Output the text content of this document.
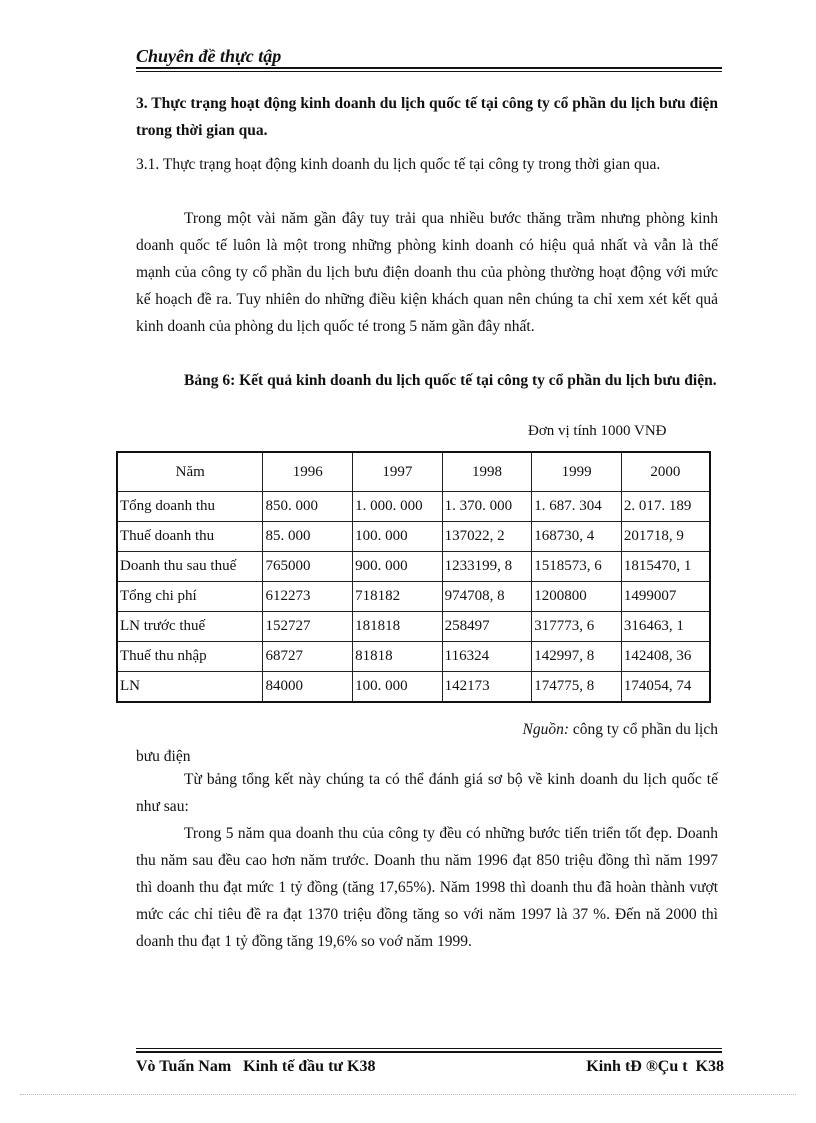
Chuyên đề thực tập
3. Thực trạng hoạt động kinh doanh du lịch quốc tế tại công ty cổ phần du lịch bưu điện trong thời gian qua.
3.1. Thực trạng hoạt động kinh doanh du lịch quốc tế tại công ty trong thời gian qua.
Trong một vài năm gần đây tuy trải qua nhiều bước thăng trầm nhưng phòng kinh doanh quốc tế luôn là một trong những phòng kinh doanh có hiệu quả nhất và vẫn là thế mạnh của công ty cổ phần du lịch bưu điện doanh thu của phòng thường hoạt động với mức kế hoạch đề ra. Tuy nhiên do những điều kiện khách quan nên chúng ta chỉ xem xét kết quả kinh doanh của phòng du lịch quốc té trong 5 năm gần đây nhất.
Bảng 6: Kết quả kinh doanh du lịch quốc tế tại công ty cổ phần du lịch bưu điện.
Đơn vị tính 1000 VNĐ
Năm	1996	1997	1998	1999	2000
Tổng doanh thu	850. 000	1. 000. 000	1. 370. 000	1. 687. 304	2. 017. 189
Thuế doanh thu	85. 000	100. 000	137022, 2	168730, 4	201718, 9
Doanh thu sau thuế	765000	900. 000	1233199, 8	1518573, 6	1815470, 1
Tổng chi phí	612273	718182	974708, 8	1200800	1499007
LN trước thuế	152727	181818	258497	317773, 6	316463, 1
Thuế thu nhập	68727	81818	116324	142997, 8	142408, 36
LN	84000	100. 000	142173	174775, 8	174054, 74
Nguồn: công ty cổ phần du lịch
bưu điện
Từ bảng tổng kết này chúng ta có thể đánh giá sơ bộ về kinh doanh du lịch quốc tế như sau:
Trong 5 năm qua doanh thu của công ty đều có những bước tiến triển tốt đẹp. Doanh thu năm sau đều cao hơn năm trước. Doanh thu năm 1996 đạt 850 triệu đồng thì năm 1997 thì doanh thu đạt mức 1 tỷ đồng (tăng 17,65%). Năm 1998 thì doanh thu đã hoàn thành vượt mức các chỉ tiêu đề ra đạt 1370 triệu đồng tăng so với năm 1997 là 37 %. Đến nă 2000 thì doanh thu đạt 1 tỷ đồng tăng 19,6% so voớ năm 1999.
Vò Tuấn Nam   Kinh tế đầu tư K38	Kinh tÐ ®Çu t  K38
